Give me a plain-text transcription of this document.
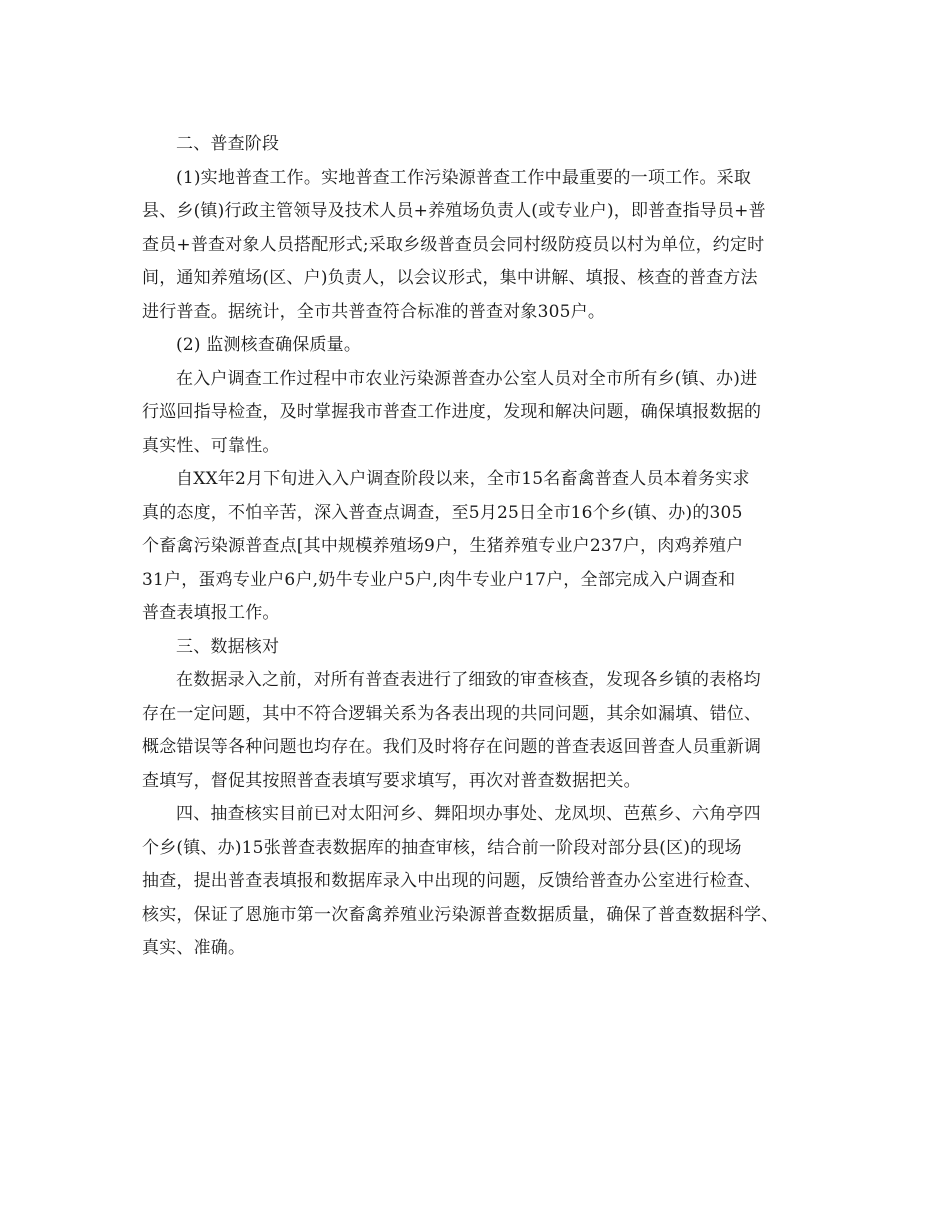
二、普查阶段
(1)实地普查工作。实地普查工作污染源普查工作中最重要的一项工作。采取
县、乡(镇)行政主管领导及技术人员+养殖场负责人(或专业户)，即普查指导员+普
查员+普查对象人员搭配形式;采取乡级普查员会同村级防疫员以村为单位，约定时
间，通知养殖场(区、户)负责人，以会议形式，集中讲解、填报、核查的普查方法
进行普查。据统计，全市共普查符合标准的普查对象305户。
(2) 监测核查确保质量。
在入户调查工作过程中市农业污染源普查办公室人员对全市所有乡(镇、办)进
行巡回指导检查，及时掌握我市普查工作进度，发现和解决问题，确保填报数据的
真实性、可靠性。
自XX年2月下旬进入入户调查阶段以来，全市15名畜禽普查人员本着务实求
真的态度，不怕辛苦，深入普查点调查，至5月25日全市16个乡(镇、办)的305
个畜禽污染源普查点[其中规模养殖场9户，生猪养殖专业户237户，肉鸡养殖户
31户，蛋鸡专业户6户,奶牛专业户5户,肉牛专业户17户，全部完成入户调查和
普查表填报工作。
三、数据核对
在数据录入之前，对所有普查表进行了细致的审查核查，发现各乡镇的表格均
存在一定问题，其中不符合逻辑关系为各表出现的共同问题，其余如漏填、错位、
概念错误等各种问题也均存在。我们及时将存在问题的普查表返回普查人员重新调
查填写，督促其按照普查表填写要求填写，再次对普查数据把关。
四、抽查核实目前已对太阳河乡、舞阳坝办事处、龙凤坝、芭蕉乡、六角亭四
个乡(镇、办)15张普查表数据库的抽查审核，结合前一阶段对部分县(区)的现场
抽查，提出普查表填报和数据库录入中出现的问题，反馈给普查办公室进行检查、
核实，保证了恩施市第一次畜禽养殖业污染源普查数据质量，确保了普查数据科学、
真实、准确。
